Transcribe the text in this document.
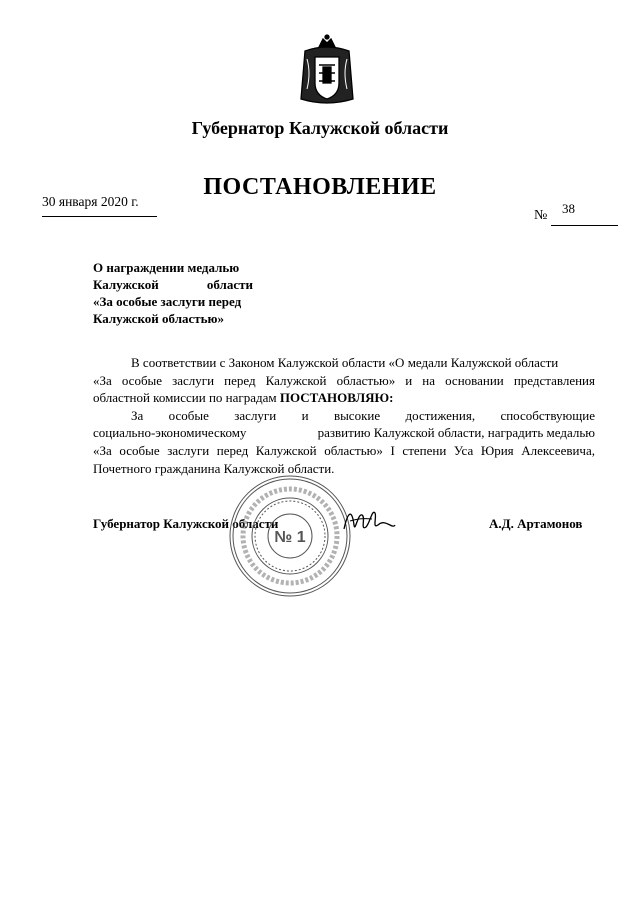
Губернатор Калужской области
ПОСТАНОВЛЕНИЕ
30 января 2020 г.
№ 38
О награждении медалью
Калужской	области
«За особые заслуги перед
Калужской областью»
В соответствии с Законом Калужской области «О медали Калужской области
«За особые заслуги перед Калужской областью» и на основании представления
областной комиссии по наградам ПОСТАНОВЛЯЮ:
За особые заслуги и высокие достижения, способствующие
социально-экономическому	развитию Калужской области, наградить медалью
«За особые заслуги перед Калужской областью» I степени Уса Юрия Алексеевича,
Почетного гражданина Калужской области.
Губернатор Калужской области	А.Д. Артамонов
№ 1
